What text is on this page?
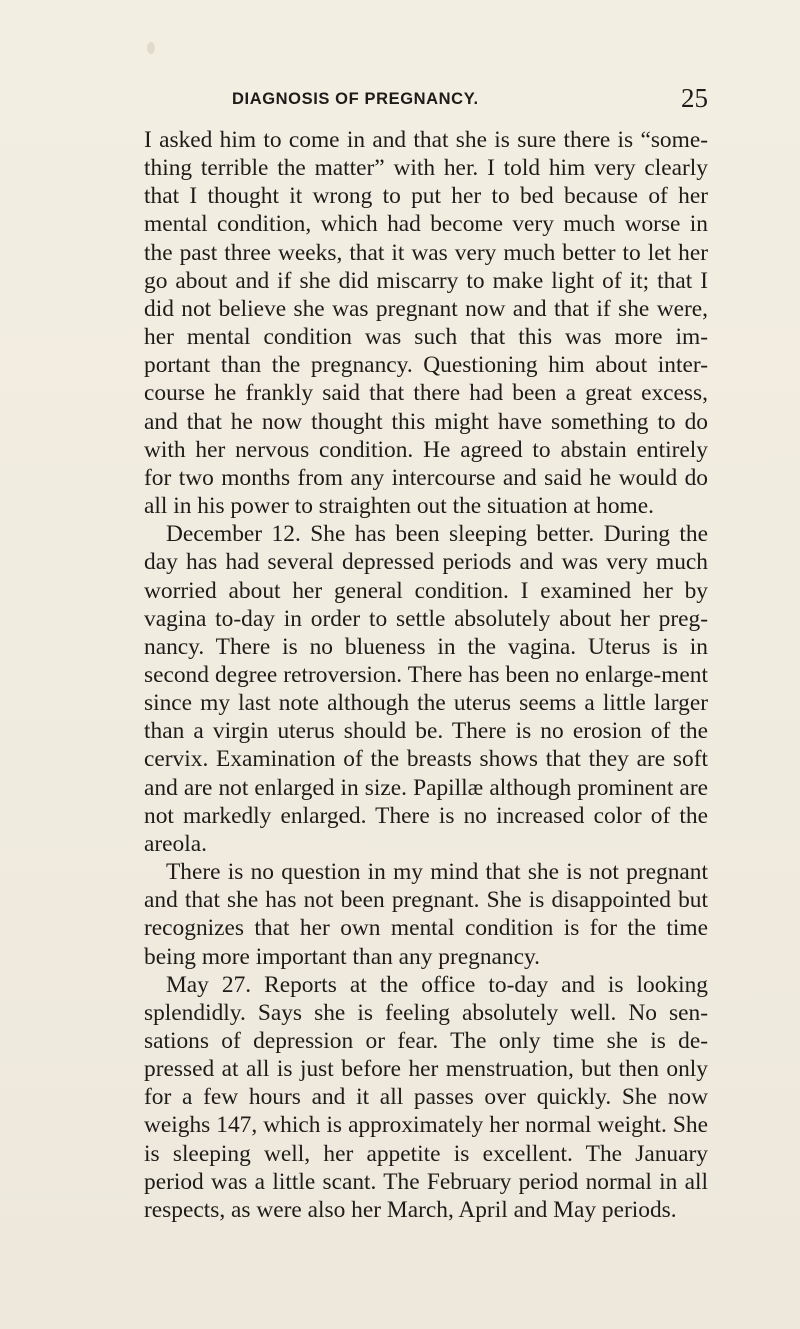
DIAGNOSIS OF PREGNANCY.	25

I asked him to come in and that she is sure there is “some-thing terrible the matter” with her. I told him very clearly that I thought it wrong to put her to bed because of her mental condition, which had become very much worse in the past three weeks, that it was very much better to let her go about and if she did miscarry to make light of it; that I did not believe she was pregnant now and that if she were, her mental condition was such that this was more im-portant than the pregnancy. Questioning him about inter-course he frankly said that there had been a great excess, and that he now thought this might have something to do with her nervous condition. He agreed to abstain entirely for two months from any intercourse and said he would do all in his power to straighten out the situation at home.

December 12. She has been sleeping better. During the day has had several depressed periods and was very much worried about her general condition. I examined her by vagina to-day in order to settle absolutely about her preg-nancy. There is no blueness in the vagina. Uterus is in second degree retroversion. There has been no enlarge-ment since my last note although the uterus seems a little larger than a virgin uterus should be. There is no erosion of the cervix. Examination of the breasts shows that they are soft and are not enlarged in size. Papillæ although prominent are not markedly enlarged. There is no increased color of the areola.

There is no question in my mind that she is not pregnant and that she has not been pregnant. She is disappointed but recognizes that her own mental condition is for the time being more important than any pregnancy.

May 27. Reports at the office to-day and is looking splendidly. Says she is feeling absolutely well. No sen-sations of depression or fear. The only time she is de-pressed at all is just before her menstruation, but then only for a few hours and it all passes over quickly. She now weighs 147, which is approximately her normal weight. She is sleeping well, her appetite is excellent. The January period was a little scant. The February period normal in all respects, as were also her March, April and May periods.
